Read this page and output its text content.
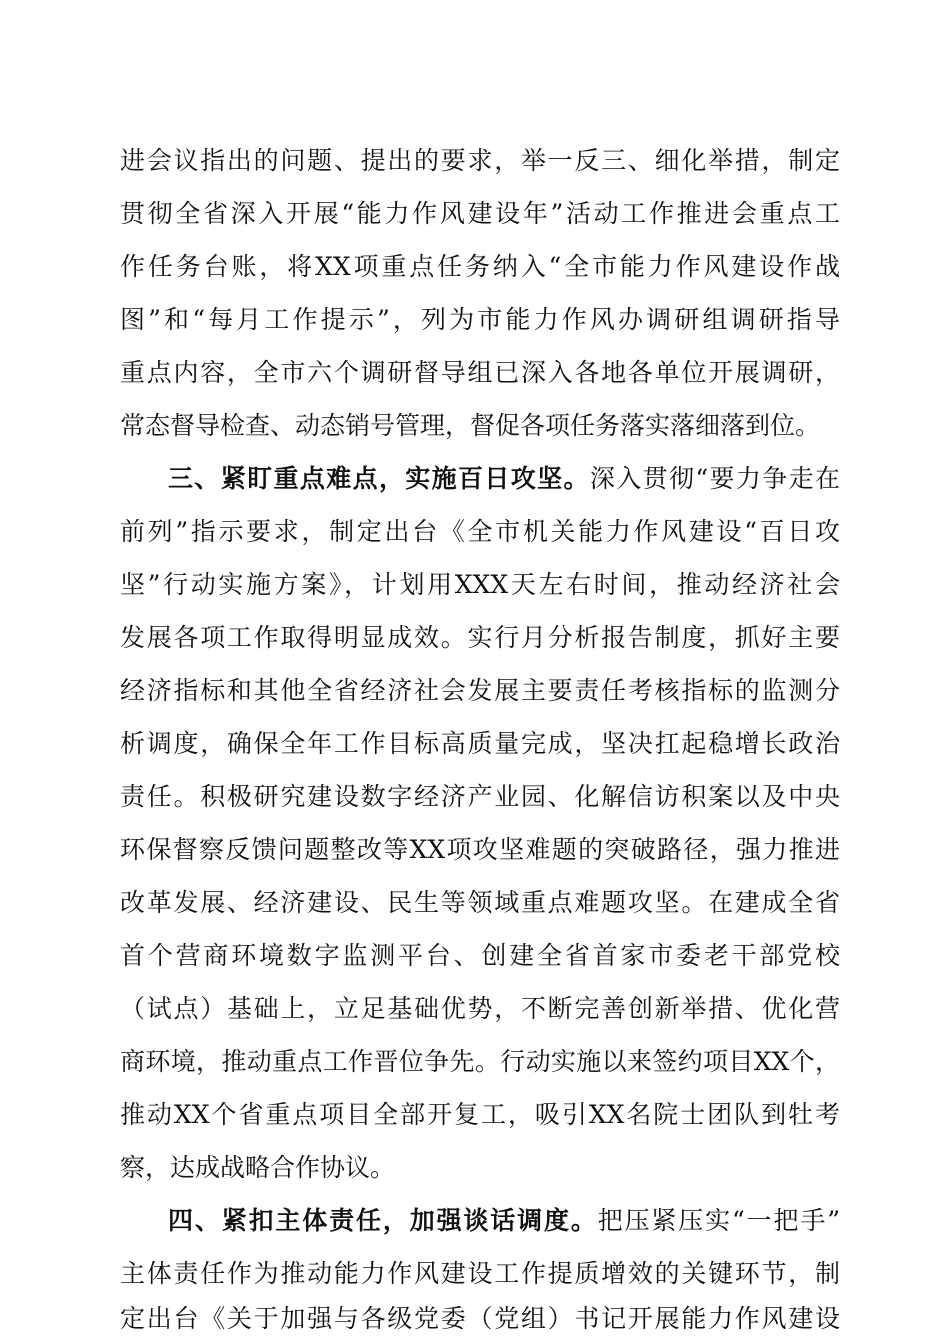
进会议指出的问题、提出的要求，举一反三、细化举措，制定
贯彻全省深入开展“能力作风建设年”活动工作推进会重点工
作任务台账，将XX项重点任务纳入“全市能力作风建设作战
图”和“每月工作提示”，列为市能力作风办调研组调研指导
重点内容，全市六个调研督导组已深入各地各单位开展调研，
常态督导检查、动态销号管理，督促各项任务落实落细落到位。
三、紧盯重点难点，实施百日攻坚。深入贯彻“要力争走在
前列”指示要求，制定出台《全市机关能力作风建设“百日攻
坚”行动实施方案》，计划用XXX天左右时间，推动经济社会
发展各项工作取得明显成效。实行月分析报告制度，抓好主要
经济指标和其他全省经济社会发展主要责任考核指标的监测分
析调度，确保全年工作目标高质量完成，坚决扛起稳增长政治
责任。积极研究建设数字经济产业园、化解信访积案以及中央
环保督察反馈问题整改等XX项攻坚难题的突破路径，强力推进
改革发展、经济建设、民生等领域重点难题攻坚。在建成全省
首个营商环境数字监测平台、创建全省首家市委老干部党校
（试点）基础上，立足基础优势，不断完善创新举措、优化营
商环境，推动重点工作晋位争先。行动实施以来签约项目XX个，
推动XX个省重点项目全部开复工，吸引XX名院士团队到牡考
察，达成战略合作协议。
四、紧扣主体责任，加强谈话调度。把压紧压实“一把手”
主体责任作为推动能力作风建设工作提质增效的关键环节，制
定出台《关于加强与各级党委（党组）书记开展能力作风建设
